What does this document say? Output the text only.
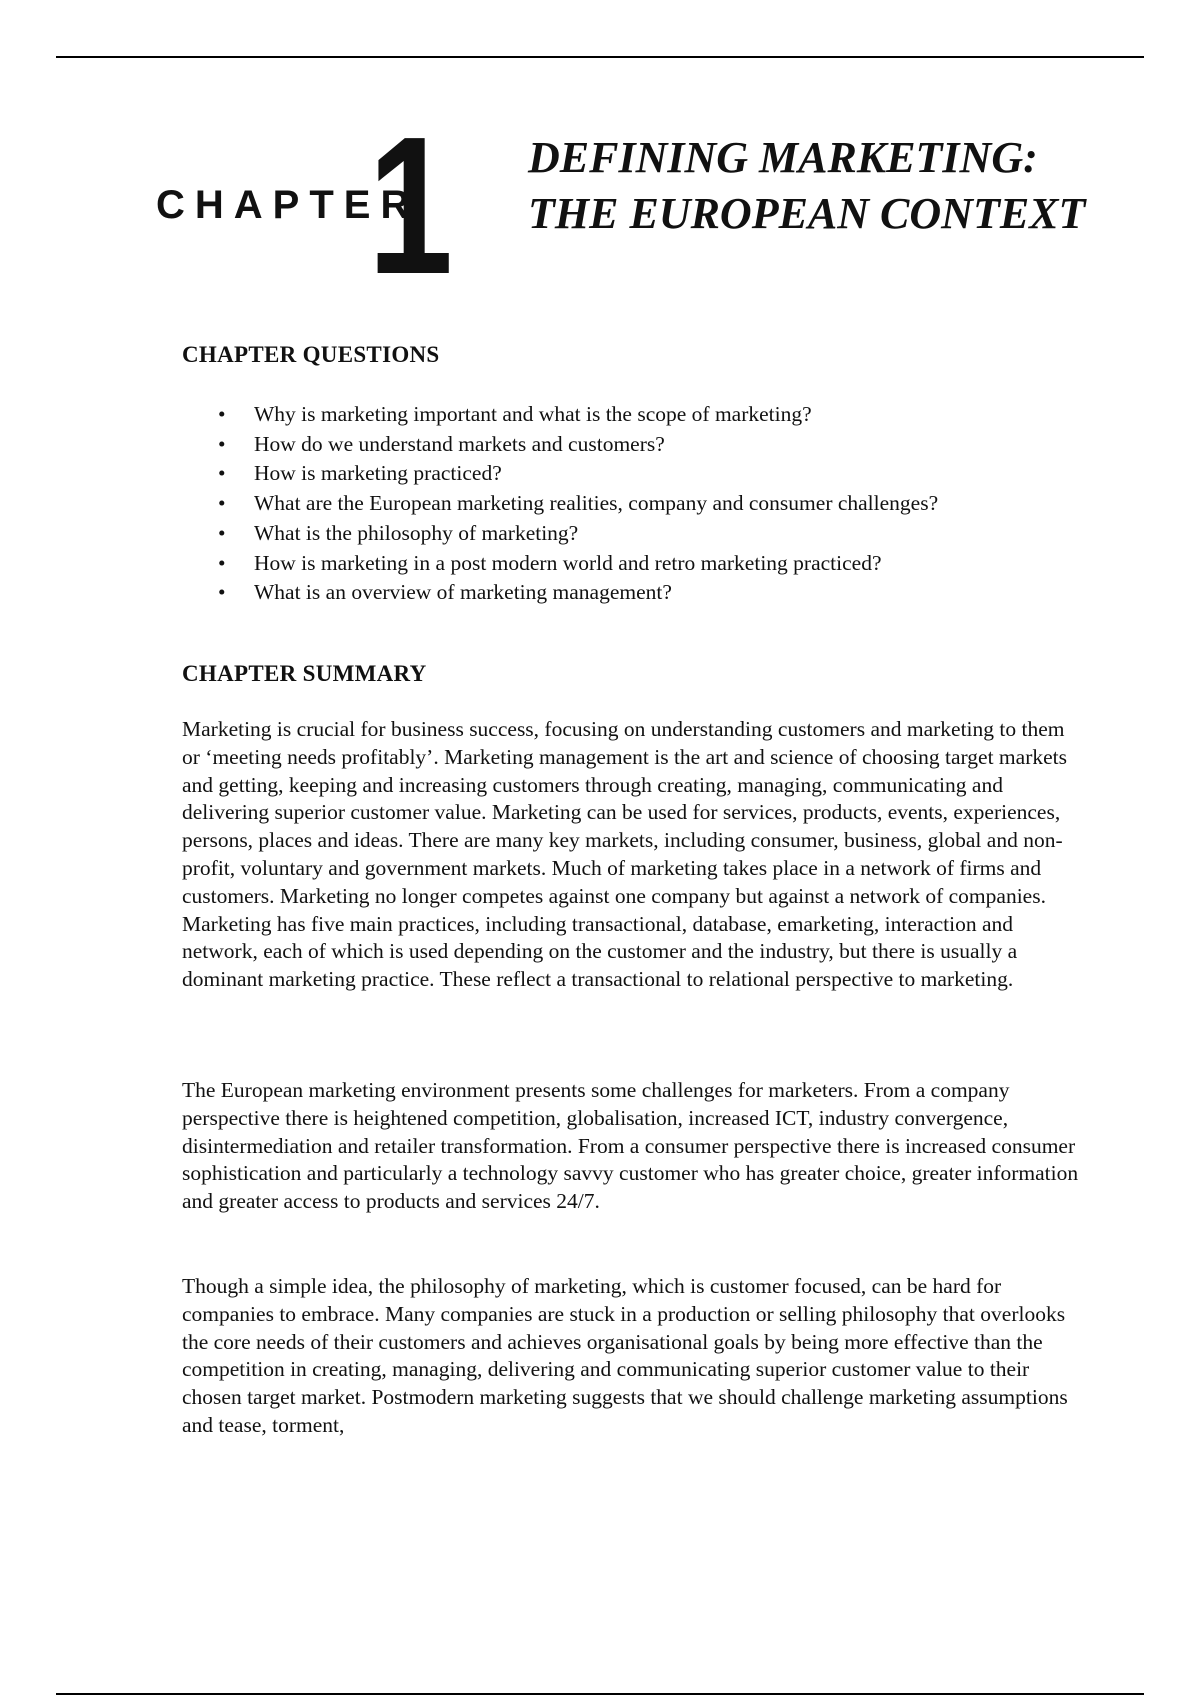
CHAPTER
1 DEFINING MARKETING:
THE EUROPEAN CONTEXT
CHAPTER QUESTIONS
• Why is marketing important and what is the scope of marketing?
• How do we understand markets and customers?
• How is marketing practiced?
• What are the European marketing realities, company and consumer challenges?
• What is the philosophy of marketing?
• How is marketing in a post modern world and retro marketing practiced?
• What is an overview of marketing management?
CHAPTER SUMMARY

Marketing is crucial for business success, focusing on understanding customers and marketing to them or ‘meeting needs profitably’. Marketing management is the art and science of choosing target markets and getting, keeping and increasing customers through creating, managing, communicating and delivering superior customer value. Marketing can be used for services, products, events, experiences, persons, places and ideas. There are many key markets, including consumer, business, global and non-profit, voluntary and government markets. Much of marketing takes place in a network of firms and customers. Marketing no longer competes against one company but against a network of companies. Marketing has five main practices, including transactional, database, emarketing, interaction and network, each of which is used depending on the customer and the industry, but there is usually a dominant marketing practice. These reflect a transactional to relational perspective to marketing.

The European marketing environment presents some challenges for marketers. From a company perspective there is heightened competition, globalisation, increased ICT, industry convergence, disintermediation and retailer transformation. From a consumer perspective there is increased consumer sophistication and particularly a technology savvy customer who has greater choice, greater information and greater access to products and services 24/7.

Though a simple idea, the philosophy of marketing, which is customer focused, can be hard for companies to embrace. Many companies are stuck in a production or selling philosophy that overlooks the core needs of their customers and achieves organisational goals by being more effective than the competition in creating, managing, delivering and communicating superior customer value to their chosen target market. Postmodern marketing suggests that we should challenge marketing assumptions and tease, torment,
